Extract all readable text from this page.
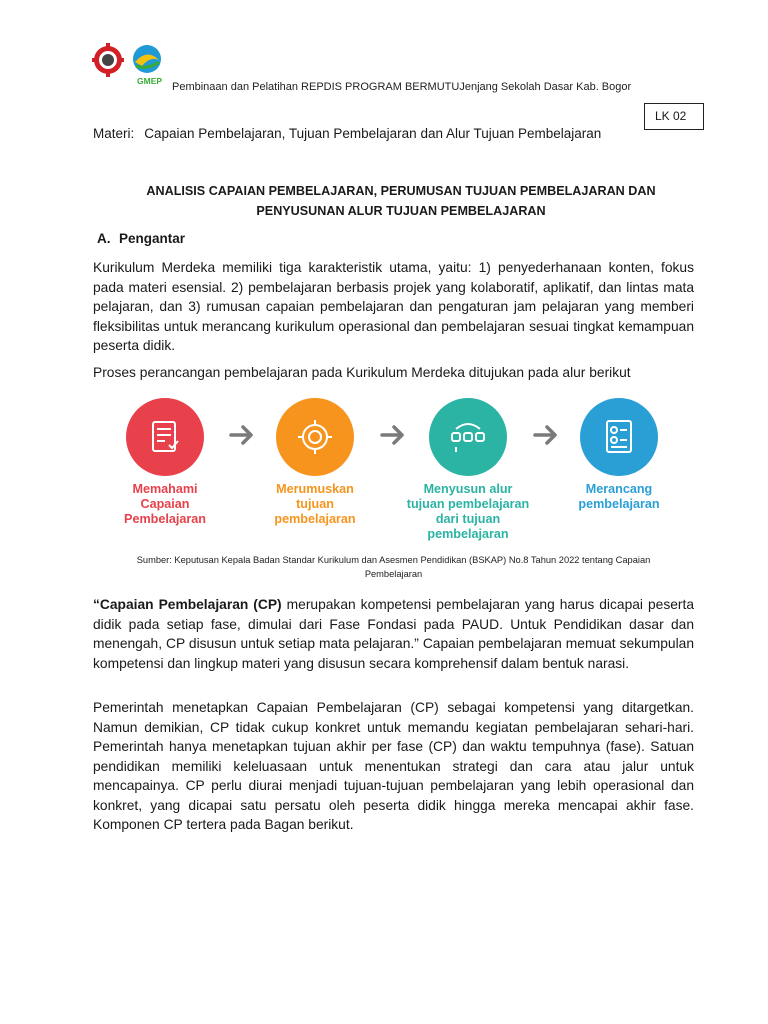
GMEP Pembinaan dan Pelatihan REPDIS PROGRAM BERMUTUJenjang Sekolah Dasar Kab. Bogor
LK 02
Materi: Capaian Pembelajaran, Tujuan Pembelajaran dan Alur Tujuan Pembelajaran
ANALISIS CAPAIAN PEMBELAJARAN, PERUMUSAN TUJUAN PEMBELAJARAN DAN
PENYUSUNAN ALUR TUJUAN PEMBELAJARAN
A. Pengantar

Kurikulum Merdeka memiliki tiga karakteristik utama, yaitu: 1) penyederhanaan konten, fokus pada materi esensial. 2) pembelajaran berbasis projek yang kolaboratif, aplikatif, dan lintas mata pelajaran, dan 3) rumusan capaian pembelajaran dan pengaturan jam pelajaran yang memberi fleksibilitas untuk merancang kurikulum operasional dan pembelajaran sesuai tingkat kemampuan peserta didik.

Proses perancangan pembelajaran pada Kurikulum Merdeka ditujukan pada alur berikut

Memahami
Capaian
Pembelajaran
Merumuskan
tujuan
pembelajaran
Menyusun alur
tujuan pembelajaran
dari tujuan
pembelajaran
Merancang
pembelajaran
Sumber: Keputusan Kepala Badan Standar Kurikulum dan Asesmen Pendidikan (BSKAP) No.8 Tahun 2022 tentang Capaian
Pembelajaran

“Capaian Pembelajaran (CP) merupakan kompetensi pembelajaran yang harus dicapai peserta didik pada setiap fase, dimulai dari Fase Fondasi pada PAUD. Untuk Pendidikan dasar dan menengah, CP disusun untuk setiap mata pelajaran.” Capaian pembelajaran memuat sekumpulan kompetensi dan lingkup materi yang disusun secara komprehensif dalam bentuk narasi.

Pemerintah menetapkan Capaian Pembelajaran (CP) sebagai kompetensi yang ditargetkan. Namun demikian, CP tidak cukup konkret untuk memandu kegiatan pembelajaran sehari-hari. Pemerintah hanya menetapkan tujuan akhir per fase (CP) dan waktu tempuhnya (fase). Satuan pendidikan memiliki keleluasaan untuk menentukan strategi dan cara atau jalur untuk mencapainya. CP perlu diurai menjadi tujuan-tujuan pembelajaran yang lebih operasional dan konkret, yang dicapai satu persatu oleh peserta didik hingga mereka mencapai akhir fase. Komponen CP tertera pada Bagan berikut.
